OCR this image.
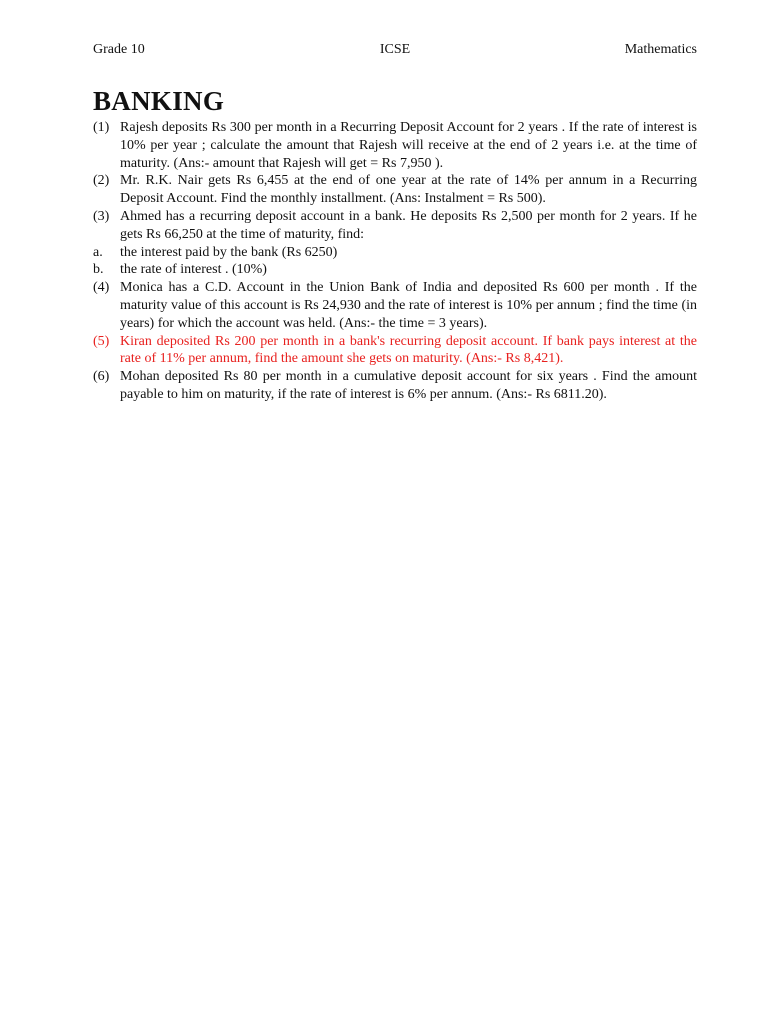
Grade 10	ICSE	Mathematics
BANKING
(1) Rajesh deposits Rs 300 per month in a Recurring Deposit Account for 2 years . If the rate of interest is 10% per year ; calculate the amount that Rajesh will receive at the end of 2 years i.e. at the time of maturity. (Ans:- amount that Rajesh will get = Rs 7,950 ).
(2) Mr. R.K. Nair gets Rs 6,455 at the end of one year at the rate of 14% per annum in a Recurring Deposit Account. Find the monthly installment. (Ans: Instalment = Rs 500).
(3) Ahmed has a recurring deposit account in a bank. He deposits Rs 2,500 per month for 2 years. If he gets Rs 66,250 at the time of maturity, find:
a. the interest paid by the bank (Rs 6250)
b. the rate of interest . (10%)
(4) Monica has a C.D. Account in the Union Bank of India and deposited Rs 600 per month . If the maturity value of this account is Rs 24,930 and the rate of interest is 10% per annum ; find the time (in years) for which the account was held. (Ans:- the time = 3 years).
(5) Kiran deposited Rs 200 per month in a bank's recurring deposit account. If bank pays interest at the rate of 11% per annum, find the amount she gets on maturity. (Ans:- Rs 8,421).
(6) Mohan deposited Rs 80 per month in a cumulative deposit account for six years . Find the amount payable to him on maturity, if the rate of interest is 6% per annum. (Ans:- Rs 6811.20).
